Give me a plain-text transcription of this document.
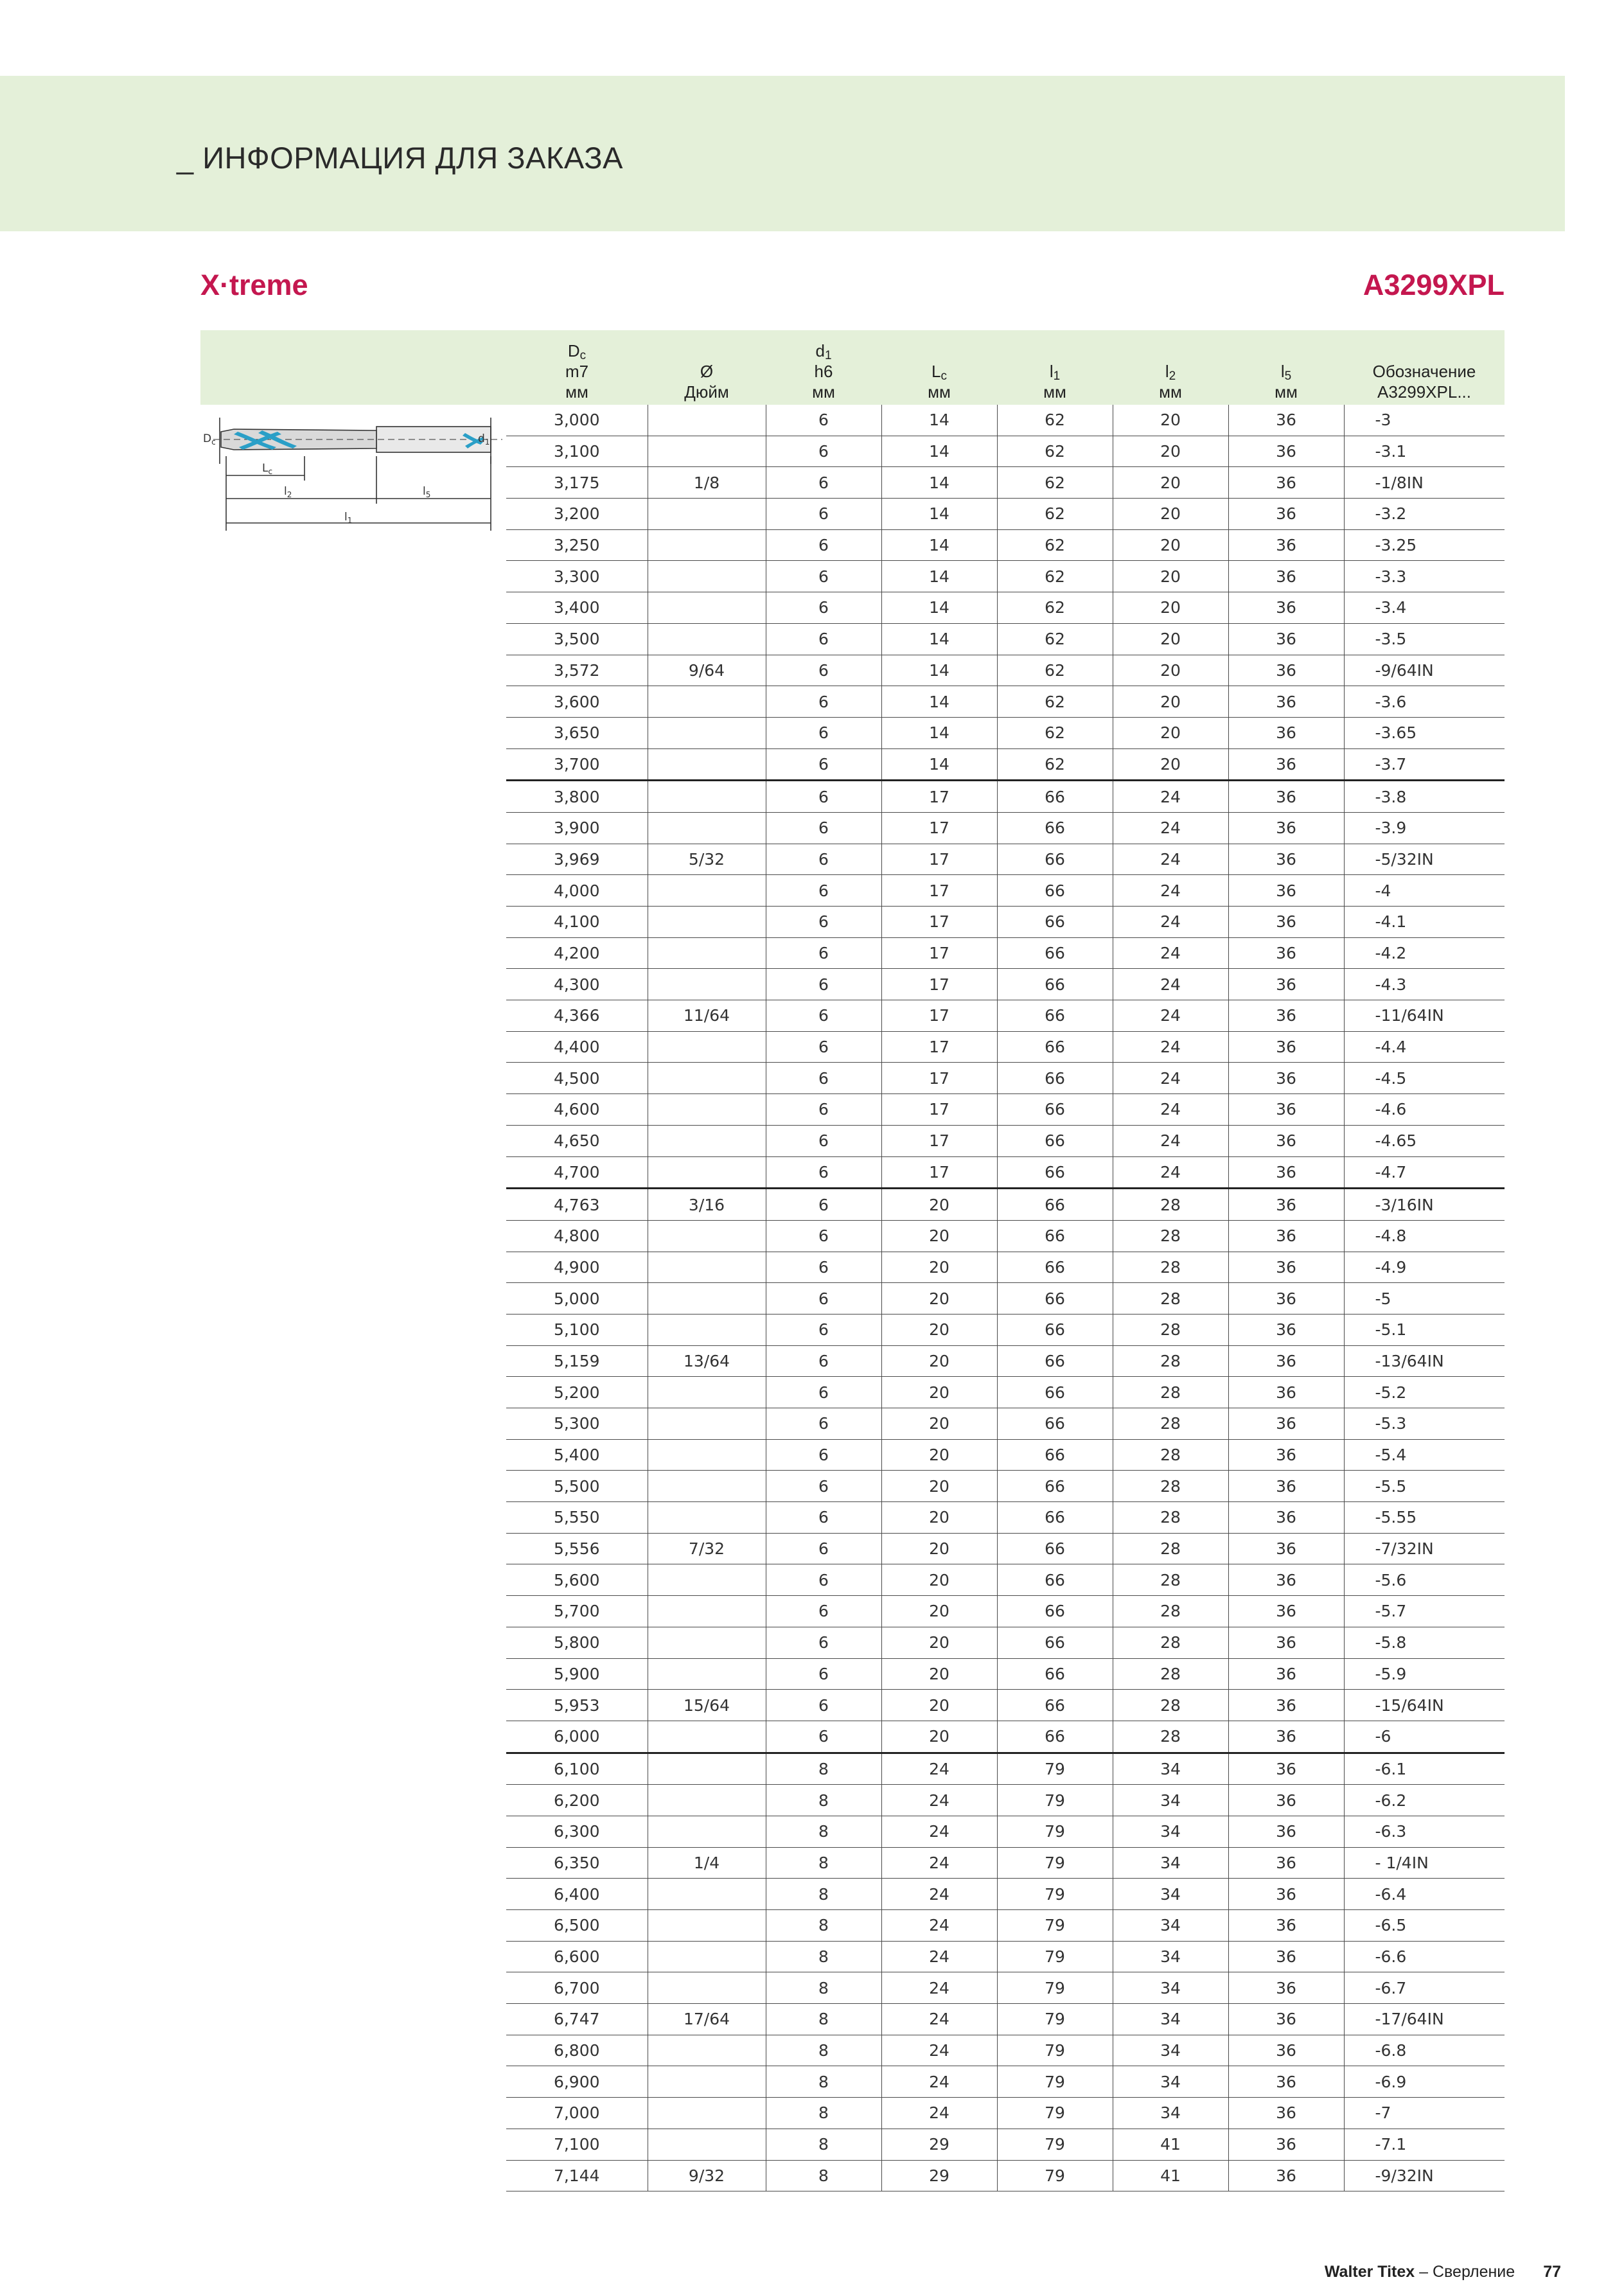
_ ИНФОРМАЦИЯ ДЛЯ ЗАКАЗА
X·treme	A3299XPL
$D_c$
m7
мм
Ø
Дюйм
$d_1$
h6
мм
$L_c$
мм
$l_1$
мм
$l_2$
мм
$l_5$
мм
Обозначение
A3299XPL...
$D_c$	$d_1$
$L_c$
$l_2$	$l_5$
$l_1$
3,000		6	14	62	20	36	-3
3,100		6	14	62	20	36	-3.1
3,175	1/8	6	14	62	20	36	-1/8IN
3,200		6	14	62	20	36	-3.2
3,250		6	14	62	20	36	-3.25
3,300		6	14	62	20	36	-3.3
3,400		6	14	62	20	36	-3.4
3,500		6	14	62	20	36	-3.5
3,572	9/64	6	14	62	20	36	-9/64IN
3,600		6	14	62	20	36	-3.6
3,650		6	14	62	20	36	-3.65
3,700		6	14	62	20	36	-3.7
3,800		6	17	66	24	36	-3.8
3,900		6	17	66	24	36	-3.9
3,969	5/32	6	17	66	24	36	-5/32IN
4,000		6	17	66	24	36	-4
4,100		6	17	66	24	36	-4.1
4,200		6	17	66	24	36	-4.2
4,300		6	17	66	24	36	-4.3
4,366	11/64	6	17	66	24	36	-11/64IN
4,400		6	17	66	24	36	-4.4
4,500		6	17	66	24	36	-4.5
4,600		6	17	66	24	36	-4.6
4,650		6	17	66	24	36	-4.65
4,700		6	17	66	24	36	-4.7
4,763	3/16	6	20	66	28	36	-3/16IN
4,800		6	20	66	28	36	-4.8
4,900		6	20	66	28	36	-4.9
5,000		6	20	66	28	36	-5
5,100		6	20	66	28	36	-5.1
5,159	13/64	6	20	66	28	36	-13/64IN
5,200		6	20	66	28	36	-5.2
5,300		6	20	66	28	36	-5.3
5,400		6	20	66	28	36	-5.4
5,500		6	20	66	28	36	-5.5
5,550		6	20	66	28	36	-5.55
5,556	7/32	6	20	66	28	36	-7/32IN
5,600		6	20	66	28	36	-5.6
5,700		6	20	66	28	36	-5.7
5,800		6	20	66	28	36	-5.8
5,900		6	20	66	28	36	-5.9
5,953	15/64	6	20	66	28	36	-15/64IN
6,000		6	20	66	28	36	-6
6,100		8	24	79	34	36	-6.1
6,200		8	24	79	34	36	-6.2
6,300		8	24	79	34	36	-6.3
6,350	1/4	8	24	79	34	36	- 1/4IN
6,400		8	24	79	34	36	-6.4
6,500		8	24	79	34	36	-6.5
6,600		8	24	79	34	36	-6.6
6,700		8	24	79	34	36	-6.7
6,747	17/64	8	24	79	34	36	-17/64IN
6,800		8	24	79	34	36	-6.8
6,900		8	24	79	34	36	-6.9
7,000		8	24	79	34	36	-7
7,100		8	29	79	41	36	-7.1
7,144	9/32	8	29	79	41	36	-9/32IN
Walter Titex – Сверление 77
